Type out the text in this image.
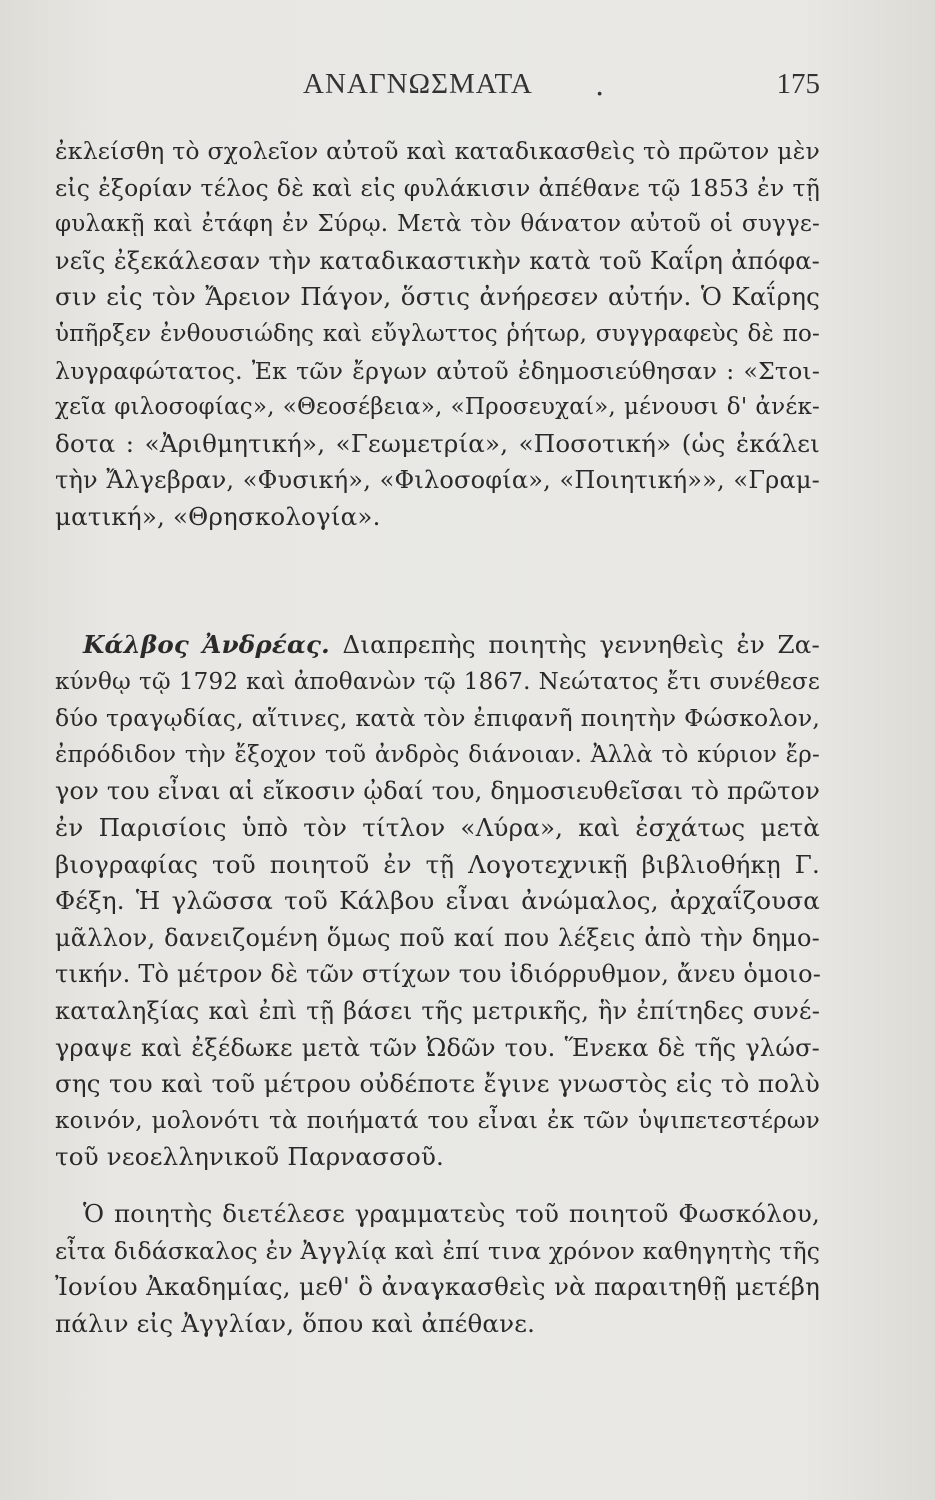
ΑΝΑΓΝΩΣΜΑΤΑ .	175
ἐκλείσθη τὸ σχολεῖον αὐτοῦ καὶ καταδικασθεὶς τὸ πρῶτον μὲν
εἰς ἐξορίαν τέλος δὲ καὶ εἰς φυλάκισιν ἀπέθανε τῷ 1853 ἐν τῇ
φυλακῇ καὶ ἐτάφη ἐν Σύρῳ. Μετὰ τὸν θάνατον αὐτοῦ οἱ συγγε-
νεῖς ἐξεκάλεσαν τὴν καταδικαστικὴν κατὰ τοῦ Καΐρη ἀπόφα-
σιν εἰς τὸν Ἄρειον Πάγον, ὅστις ἀνήρεσεν αὐτήν. Ὁ Καΐρης
ὑπῆρξεν ἐνθουσιώδης καὶ εὔγλωττος ῥήτωρ, συγγραφεὺς δὲ πο-
λυγραφώτατος. Ἐκ τῶν ἔργων αὐτοῦ ἐδημοσιεύθησαν : «Στοι-
χεῖα φιλοσοφίας», «Θεοσέβεια», «Προσευχαί», μένουσι δ' ἀνέκ-
δοτα : «Ἀριθμητική», «Γεωμετρία», «Ποσοτική» (ὡς ἐκάλει
τὴν Ἄλγεβραν, «Φυσική», «Φιλοσοφία», «Ποιητική»», «Γραμ-
ματική», «Θρησκολογία».
Κάλβος Ἀνδρέας. Διαπρεπὴς ποιητὴς γεννηθεὶς ἐν Ζα-
κύνθῳ τῷ 1792 καὶ ἀποθανὼν τῷ 1867. Νεώτατος ἔτι συνέθεσε
δύο τραγῳδίας, αἵτινες, κατὰ τὸν ἐπιφανῆ ποιητὴν Φώσκολον,
ἐπρόδιδον τὴν ἔξοχον τοῦ ἀνδρὸς διάνοιαν. Ἀλλὰ τὸ κύριον ἔρ-
γον του εἶναι αἱ εἴκοσιν ᾠδαί του, δημοσιευθεῖσαι τὸ πρῶτον
ἐν Παρισίοις ὑπὸ τὸν τίτλον «Λύρα», καὶ ἐσχάτως μετὰ
βιογραφίας τοῦ ποιητοῦ ἐν τῇ Λογοτεχνικῇ βιβλιοθήκῃ Γ.
Φέξη. Ἡ γλῶσσα τοῦ Κάλβου εἶναι ἀνώμαλος, ἀρχαΐζουσα
μᾶλλον, δανειζομένη ὅμως ποῦ καί που λέξεις ἀπὸ τὴν δημο-
τικήν. Τὸ μέτρον δὲ τῶν στίχων του ἰδιόρρυθμον, ἄνευ ὁμοιο-
καταληξίας καὶ ἐπὶ τῇ βάσει τῆς μετρικῆς, ἣν ἐπίτηδες συνέ-
γραψε καὶ ἐξέδωκε μετὰ τῶν Ὠδῶν του. Ἕνεκα δὲ τῆς γλώσ-
σης του καὶ τοῦ μέτρου οὐδέποτε ἔγινε γνωστὸς εἰς τὸ πολὺ
κοινόν, μολονότι τὰ ποιήματά του εἶναι ἐκ τῶν ὑψιπετεστέρων
τοῦ νεοελληνικοῦ Παρνασσοῦ.
Ὁ ποιητὴς διετέλεσε γραμματεὺς τοῦ ποιητοῦ Φωσκόλου,
εἶτα διδάσκαλος ἐν Ἀγγλίᾳ καὶ ἐπί τινα χρόνον καθηγητὴς τῆς
Ἰονίου Ἀκαδημίας, μεθ' ὃ ἀναγκασθεὶς νὰ παραιτηθῇ μετέβη
πάλιν εἰς Ἀγγλίαν, ὅπου καὶ ἀπέθανε.
